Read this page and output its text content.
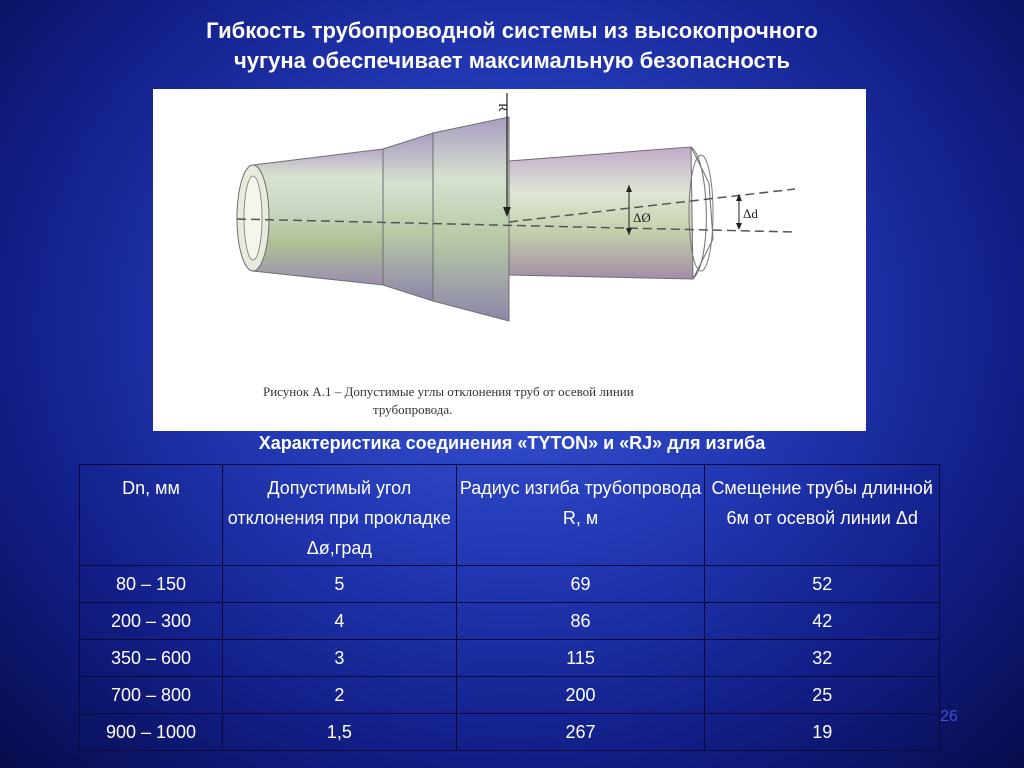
Гибкость трубопроводной системы из высокопрочного
чугуна обеспечивает максимальную безопасность
R
ΔØ	Δd
Рисунок А.1 – Допустимые углы отклонения труб от осевой линии
трубопровода.
Характеристика соединения «TYTON» и «RJ» для изгиба
Dn, мм	Допустимый угол отклонения при прокладке Δø,град	Радиус изгиба трубопровода R, м	Смещение трубы длинной 6м от осевой линии Δd
80 – 150	5	69	52
200 – 300	4	86	42
350 – 600	3	115	32
700 – 800	2	200	25
900 – 1000	1,5	267	19
26
